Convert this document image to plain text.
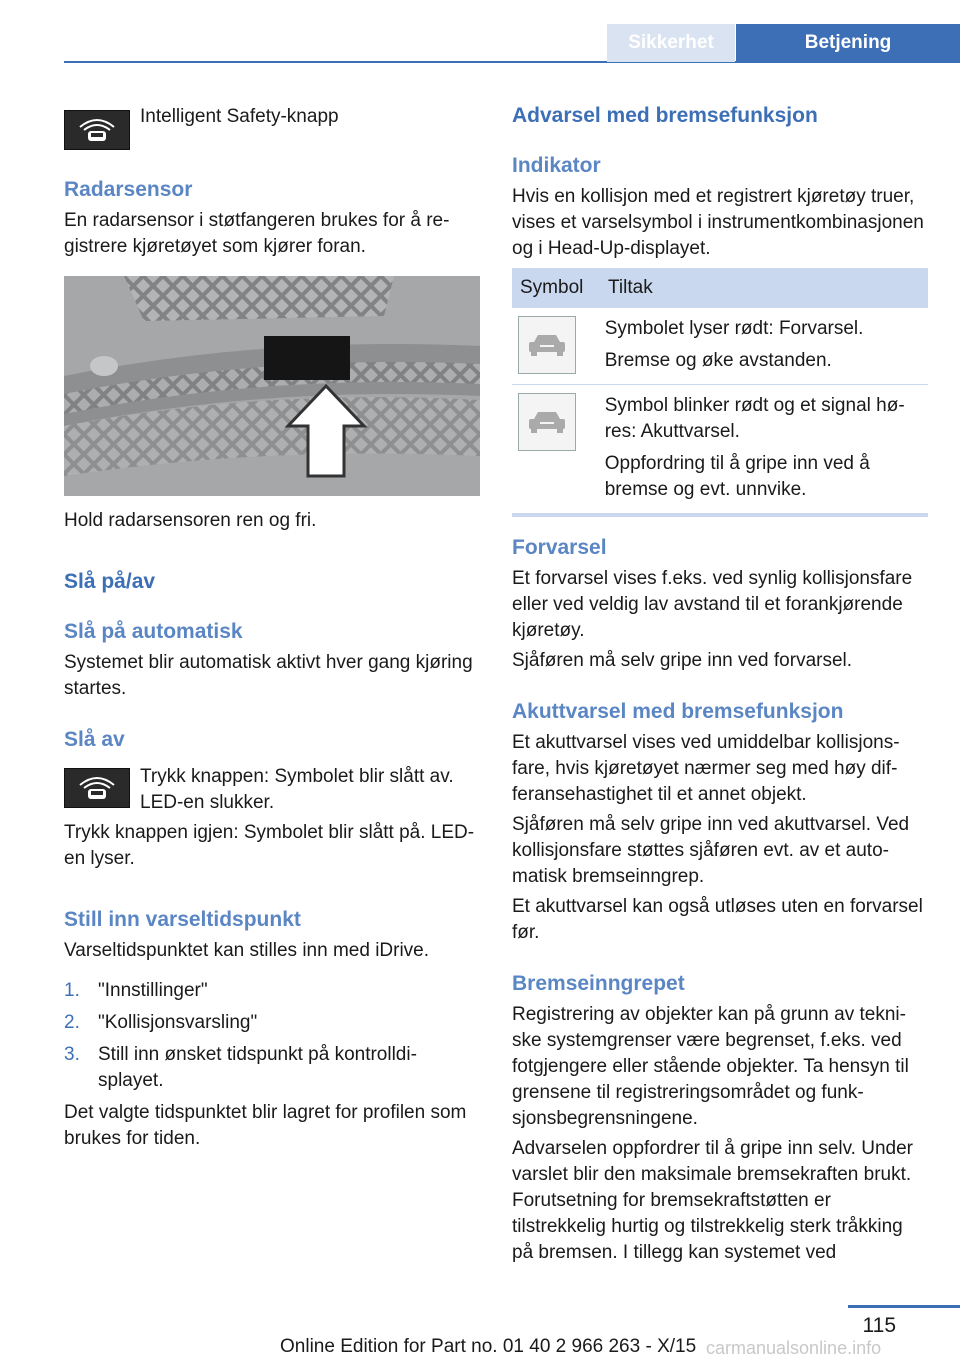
Sikkerhet	Betjening

Intelligent Safety-knapp

Radarsensor

En radarsensor i støtfangeren brukes for å registrere kjøretøyet som kjører foran.

Hold radarsensoren ren og fri.

Slå på/av

Slå på automatisk

Systemet blir automatisk aktivt hver gang kjøring startes.

Slå av

Trykk knappen: Symbolet blir slått av. LED-en slukker.

Trykk knappen igjen: Symbolet blir slått på. LED-en lyser.

Still inn varseltidspunkt

Varseltidspunktet kan stilles inn med iDrive.

1. "Innstillinger"
2. "Kollisjonsvarsling"
3. Still inn ønsket tidspunkt på kontrolldisplayet.

Det valgte tidspunktet blir lagret for profilen som brukes for tiden.

Advarsel med bremsefunksjon

Indikator

Hvis en kollisjon med et registrert kjøretøy truer, vises et varselsymbol i instrumentkombinasjonen og i Head-Up-displayet.

Symbol	Tiltak

Symbolet lyser rødt: Forvarsel.

Bremse og øke avstanden.

Symbol blinker rødt og et signal høres: Akuttvarsel.

Oppfordring til å gripe inn ved å bremse og evt. unnvike.

Forvarsel

Et forvarsel vises f.eks. ved synlig kollisjonsfare eller ved veldig lav avstand til et forankjørende kjøretøy.

Sjåføren må selv gripe inn ved forvarsel.

Akuttvarsel med bremsefunksjon

Et akuttvarsel vises ved umiddelbar kollisjonsfare, hvis kjøretøyet nærmer seg med høy differansehastighet til et annet objekt.

Sjåføren må selv gripe inn ved akuttvarsel. Ved kollisjonsfare støttes sjåføren evt. av et automatisk bremseinngrep.

Et akuttvarsel kan også utløses uten en forvarsel før.

Bremseinngrepet

Registrering av objekter kan på grunn av tekniske systemgrenser være begrenset, f.eks. ved fotgjengere eller stående objekter. Ta hensyn til grensene til registreringsområdet og funksjonsbegrensningene.

Advarselen oppfordrer til å gripe inn selv. Under varslet blir den maksimale bremsekraften brukt. Forutsetning for bremsekraftstøtten er tilstrekkelig hurtig og tilstrekkelig sterk tråkking på bremsen. I tillegg kan systemet ved

115
Online Edition for Part no. 01 40 2 966 263 - X/15 carmanualsonline.info
